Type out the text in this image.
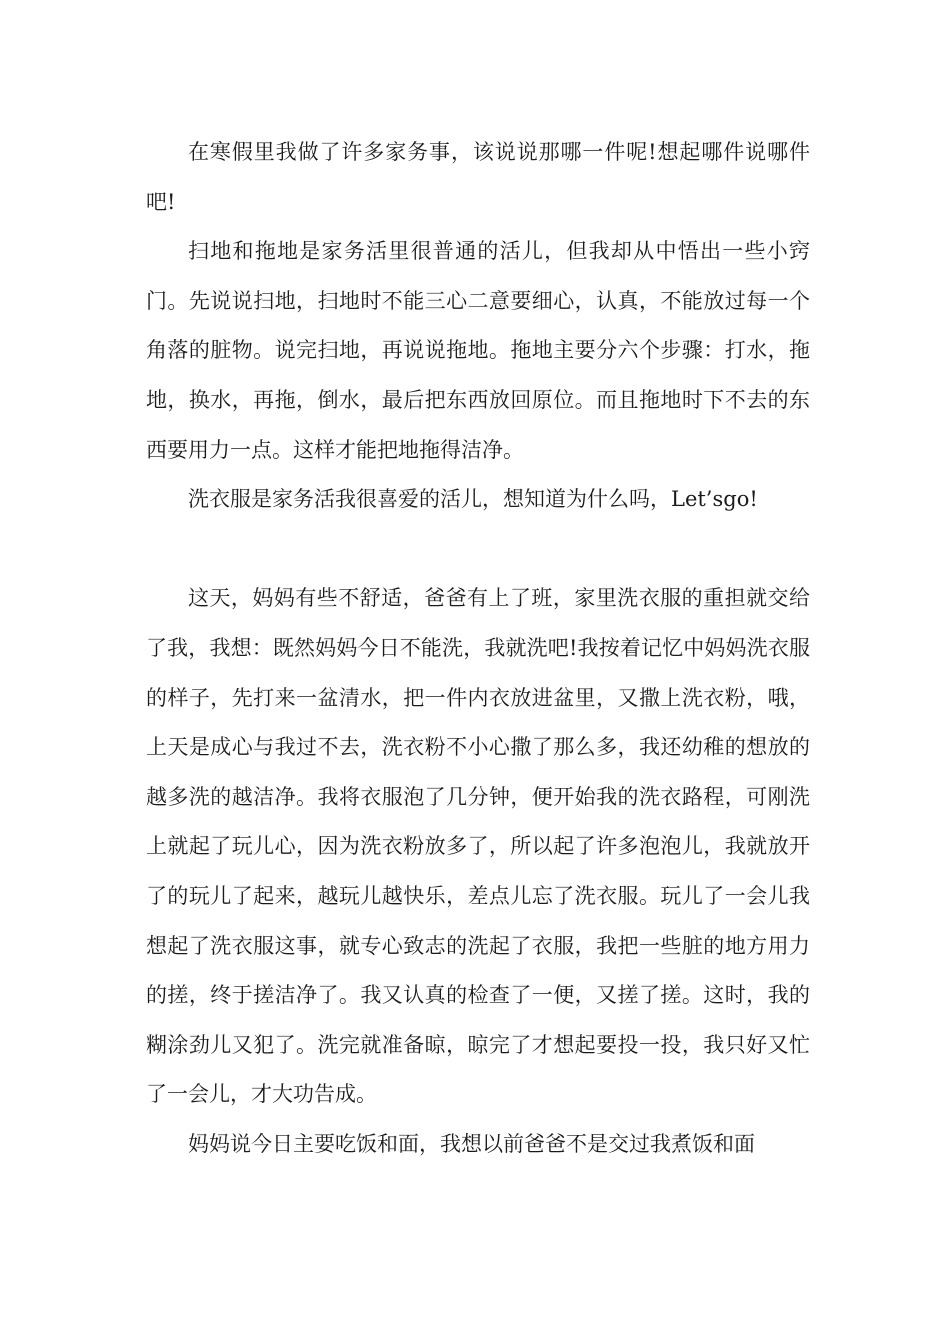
在寒假里我做了许多家务事，该说说那哪一件呢!想起哪件说哪件吧!

扫地和拖地是家务活里很普通的活儿，但我却从中悟出一些小窍门。先说说扫地，扫地时不能三心二意要细心，认真，不能放过每一个角落的脏物。说完扫地，再说说拖地。拖地主要分六个步骤：打水，拖地，换水，再拖，倒水，最后把东西放回原位。而且拖地时下不去的东西要用力一点。这样才能把地拖得洁净。

洗衣服是家务活我很喜爱的活儿，想知道为什么吗，Let’sgo!

这天，妈妈有些不舒适，爸爸有上了班，家里洗衣服的重担就交给了我，我想：既然妈妈今日不能洗，我就洗吧!我按着记忆中妈妈洗衣服的样子，先打来一盆清水，把一件内衣放进盆里，又撒上洗衣粉，哦，上天是成心与我过不去，洗衣粉不小心撒了那么多，我还幼稚的想放的越多洗的越洁净。我将衣服泡了几分钟，便开始我的洗衣路程，可刚洗上就起了玩儿心，因为洗衣粉放多了，所以起了许多泡泡儿，我就放开了的玩儿了起来，越玩儿越快乐，差点儿忘了洗衣服。玩儿了一会儿我想起了洗衣服这事，就专心致志的洗起了衣服，我把一些脏的地方用力的搓，终于搓洁净了。我又认真的检查了一便，又搓了搓。这时，我的糊涂劲儿又犯了。洗完就准备晾，晾完了才想起要投一投，我只好又忙了一会儿，才大功告成。

妈妈说今日主要吃饭和面，我想以前爸爸不是交过我煮饭和面
